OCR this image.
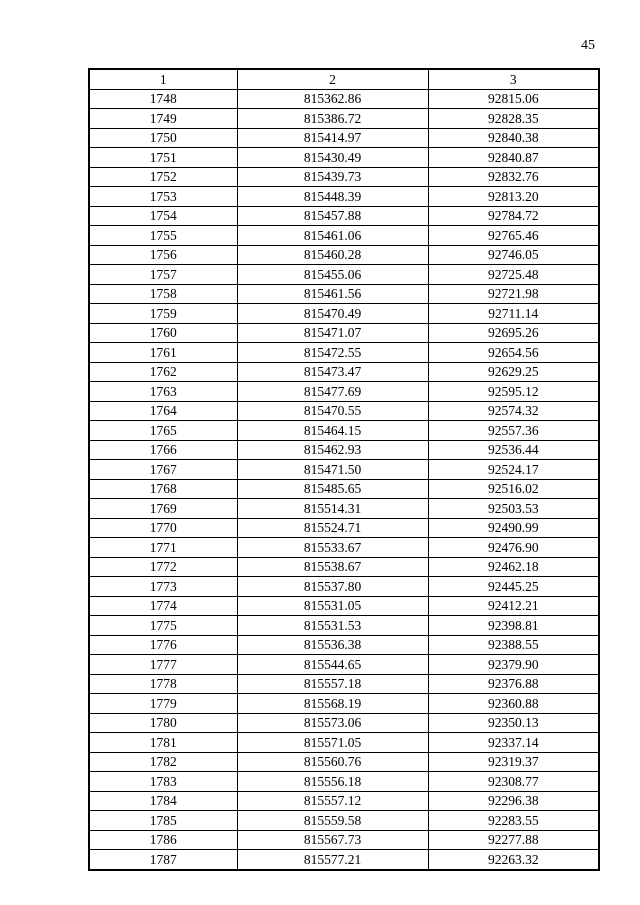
45
1	2	3
1748	815362.86	92815.06
1749	815386.72	92828.35
1750	815414.97	92840.38
1751	815430.49	92840.87
1752	815439.73	92832.76
1753	815448.39	92813.20
1754	815457.88	92784.72
1755	815461.06	92765.46
1756	815460.28	92746.05
1757	815455.06	92725.48
1758	815461.56	92721.98
1759	815470.49	92711.14
1760	815471.07	92695.26
1761	815472.55	92654.56
1762	815473.47	92629.25
1763	815477.69	92595.12
1764	815470.55	92574.32
1765	815464.15	92557.36
1766	815462.93	92536.44
1767	815471.50	92524.17
1768	815485.65	92516.02
1769	815514.31	92503.53
1770	815524.71	92490.99
1771	815533.67	92476.90
1772	815538.67	92462.18
1773	815537.80	92445.25
1774	815531.05	92412.21
1775	815531.53	92398.81
1776	815536.38	92388.55
1777	815544.65	92379.90
1778	815557.18	92376.88
1779	815568.19	92360.88
1780	815573.06	92350.13
1781	815571.05	92337.14
1782	815560.76	92319.37
1783	815556.18	92308.77
1784	815557.12	92296.38
1785	815559.58	92283.55
1786	815567.73	92277.88
1787	815577.21	92263.32
